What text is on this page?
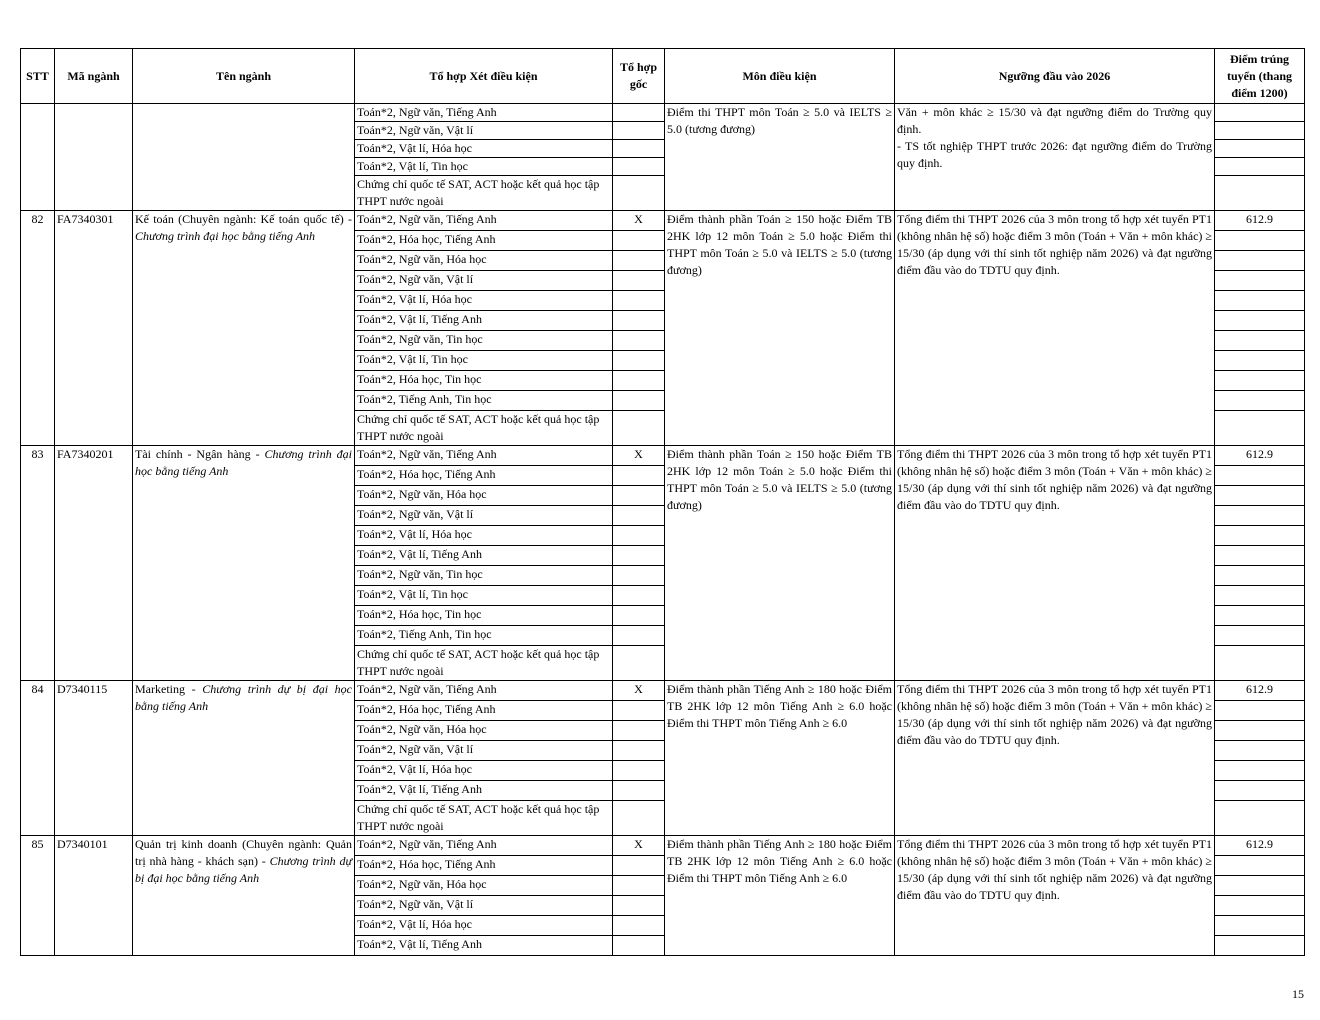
STT	Mã ngành	Tên ngành	Tổ hợp Xét điều kiện	Tổ hợp gốc	Môn điều kiện	Ngưỡng đầu vào 2026	Điểm trúng tuyển (thang điểm 1200)
			Toán*2, Ngữ văn, Tiếng Anh		Điểm thi THPT môn Toán ≥ 5.0 và IELTS ≥ 5.0 (tương đương)	Văn + môn khác ≥ 15/30 và đạt ngưỡng điểm do Trường quy định.
- TS tốt nghiệp THPT trước 2026: đạt ngưỡng điểm do Trường quy định.	
			Toán*2, Ngữ văn, Vật lí				
			Toán*2, Vật lí, Hóa học				
			Toán*2, Vật lí, Tin học				
			Chứng chỉ quốc tế SAT, ACT hoặc kết quả học tập THPT nước ngoài				
82	FA7340301	Kế toán (Chuyên ngành: Kế toán quốc tế) - Chương trình đại học bằng tiếng Anh	Toán*2, Ngữ văn, Tiếng Anh	X	Điểm thành phần Toán ≥ 150 hoặc Điểm TB 2HK lớp 12 môn Toán ≥ 5.0 hoặc Điểm thi THPT môn Toán ≥ 5.0 và IELTS ≥ 5.0 (tương đương)	Tổng điểm thi THPT 2026 của 3 môn trong tổ hợp xét tuyển PT1 (không nhân hệ số) hoặc điểm 3 môn (Toán + Văn + môn khác) ≥ 15/30 (áp dụng với thí sinh tốt nghiệp năm 2026) và đạt ngưỡng điểm đầu vào do TDTU quy định.	612.9
			Toán*2, Hóa học, Tiếng Anh				
			Toán*2, Ngữ văn, Hóa học				
			Toán*2, Ngữ văn, Vật lí				
			Toán*2, Vật lí, Hóa học				
			Toán*2, Vật lí, Tiếng Anh				
			Toán*2, Ngữ văn, Tin học				
			Toán*2, Vật lí, Tin học				
			Toán*2, Hóa học, Tin học				
			Toán*2, Tiếng Anh, Tin học				
			Chứng chỉ quốc tế SAT, ACT hoặc kết quả học tập THPT nước ngoài				
83	FA7340201	Tài chính - Ngân hàng - Chương trình đại học bằng tiếng Anh	Toán*2, Ngữ văn, Tiếng Anh	X	Điểm thành phần Toán ≥ 150 hoặc Điểm TB 2HK lớp 12 môn Toán ≥ 5.0 hoặc Điểm thi THPT môn Toán ≥ 5.0 và IELTS ≥ 5.0 (tương đương)	Tổng điểm thi THPT 2026 của 3 môn trong tổ hợp xét tuyển PT1 (không nhân hệ số) hoặc điểm 3 môn (Toán + Văn + môn khác) ≥ 15/30 (áp dụng với thí sinh tốt nghiệp năm 2026) và đạt ngưỡng điểm đầu vào do TDTU quy định.	612.9
			Toán*2, Hóa học, Tiếng Anh				
			Toán*2, Ngữ văn, Hóa học				
			Toán*2, Ngữ văn, Vật lí				
			Toán*2, Vật lí, Hóa học				
			Toán*2, Vật lí, Tiếng Anh				
			Toán*2, Ngữ văn, Tin học				
			Toán*2, Vật lí, Tin học				
			Toán*2, Hóa học, Tin học				
			Toán*2, Tiếng Anh, Tin học				
			Chứng chỉ quốc tế SAT, ACT hoặc kết quả học tập THPT nước ngoài				
84	D7340115	Marketing - Chương trình dự bị đại học bằng tiếng Anh	Toán*2, Ngữ văn, Tiếng Anh	X	Điểm thành phần Tiếng Anh ≥ 180 hoặc Điểm TB 2HK lớp 12 môn Tiếng Anh ≥ 6.0 hoặc Điểm thi THPT môn Tiếng Anh ≥ 6.0	Tổng điểm thi THPT 2026 của 3 môn trong tổ hợp xét tuyển PT1 (không nhân hệ số) hoặc điểm 3 môn (Toán + Văn + môn khác) ≥ 15/30 (áp dụng với thí sinh tốt nghiệp năm 2026) và đạt ngưỡng điểm đầu vào do TDTU quy định.	612.9
			Toán*2, Hóa học, Tiếng Anh				
			Toán*2, Ngữ văn, Hóa học				
			Toán*2, Ngữ văn, Vật lí				
			Toán*2, Vật lí, Hóa học				
			Toán*2, Vật lí, Tiếng Anh				
			Chứng chỉ quốc tế SAT, ACT hoặc kết quả học tập THPT nước ngoài				
85	D7340101	Quản trị kinh doanh (Chuyên ngành: Quản trị nhà hàng - khách sạn) - Chương trình dự bị đại học bằng tiếng Anh	Toán*2, Ngữ văn, Tiếng Anh	X	Điểm thành phần Tiếng Anh ≥ 180 hoặc Điểm TB 2HK lớp 12 môn Tiếng Anh ≥ 6.0 hoặc Điểm thi THPT môn Tiếng Anh ≥ 6.0	Tổng điểm thi THPT 2026 của 3 môn trong tổ hợp xét tuyển PT1 (không nhân hệ số) hoặc điểm 3 môn (Toán + Văn + môn khác) ≥ 15/30 (áp dụng với thí sinh tốt nghiệp năm 2026) và đạt ngưỡng điểm đầu vào do TDTU quy định.	612.9
			Toán*2, Hóa học, Tiếng Anh				
			Toán*2, Ngữ văn, Hóa học				
			Toán*2, Ngữ văn, Vật lí				
			Toán*2, Vật lí, Hóa học				
			Toán*2, Vật lí, Tiếng Anh				
15
